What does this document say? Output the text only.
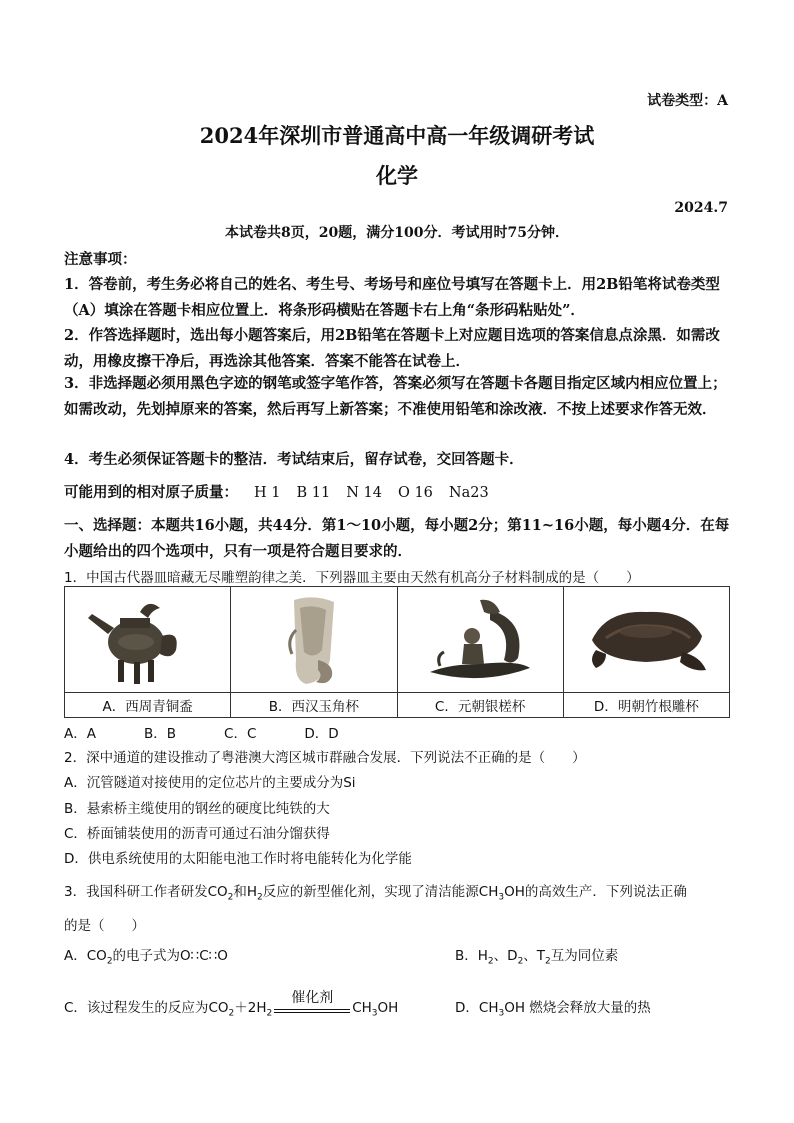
试卷类型：A
2024年深圳市普通高中高一年级调研考试
化学
2024.7
本试卷共8页，20题，满分100分．考试用时75分钟．
注意事项：
1．答卷前，考生务必将自己的姓名、考生号、考场号和座位号填写在答题卡上．用2B铅笔将试卷类型（A）填涂在答题卡相应位置上．将条形码横贴在答题卡右上角“条形码粘贴处”．
2．作答选择题时，选出每小题答案后，用2B铅笔在答题卡上对应题目选项的答案信息点涂黑．如需改动，用橡皮擦干净后，再选涂其他答案．答案不能答在试卷上．
3．非选择题必须用黑色字迹的钢笔或签字笔作答，答案必须写在答题卡各题目指定区域内相应位置上；如需改动，先划掉原来的答案，然后再写上新答案；不准使用铅笔和涂改液．不按上述要求作答无效．
4．考生必须保证答题卡的整洁．考试结束后，留存试卷，交回答题卡．
可能用到的相对原子质量： H 1 B 11 N 14 O 16 Na23
一、选择题：本题共16小题，共44分．第1～10小题，每小题2分；第11~16小题，每小题4分．在每小题给出的四个选项中，只有一项是符合题目要求的．
1．中国古代器皿暗藏无尽雕塑韵律之美．下列器皿主要由天然有机高分子材料制成的是（　　）

A．西周青铜盉	B．西汉玉角杯	C．元朝银槎杯	D．明朝竹根雕杯
A．A	B．B	C．C	D．D
2．深中通道的建设推动了粤港澳大湾区城市群融合发展．下列说法不正确的是（　　）
A．沉管隧道对接使用的定位芯片的主要成分为Si
B．悬索桥主缆使用的钢丝的硬度比纯铁的大
C．桥面铺装使用的沥青可通过石油分馏获得
D．供电系统使用的太阳能电池工作时将电能转化为化学能
3．我国科研工作者研发$CO_2$和$H_2$反应的新型催化剂，实现了清洁能源$CH_3OH$的高效生产．下列说法正确
的是（　　）
A．$CO_2$的电子式为O∷C∷O	B．$H_2$、$D_2$、$T_2$互为同位素
C．该过程发生的反应为$CO_2+2H_2$
催化剂
$CH_3OH$	D．$CH_3OH$ 燃烧会释放大量的热
